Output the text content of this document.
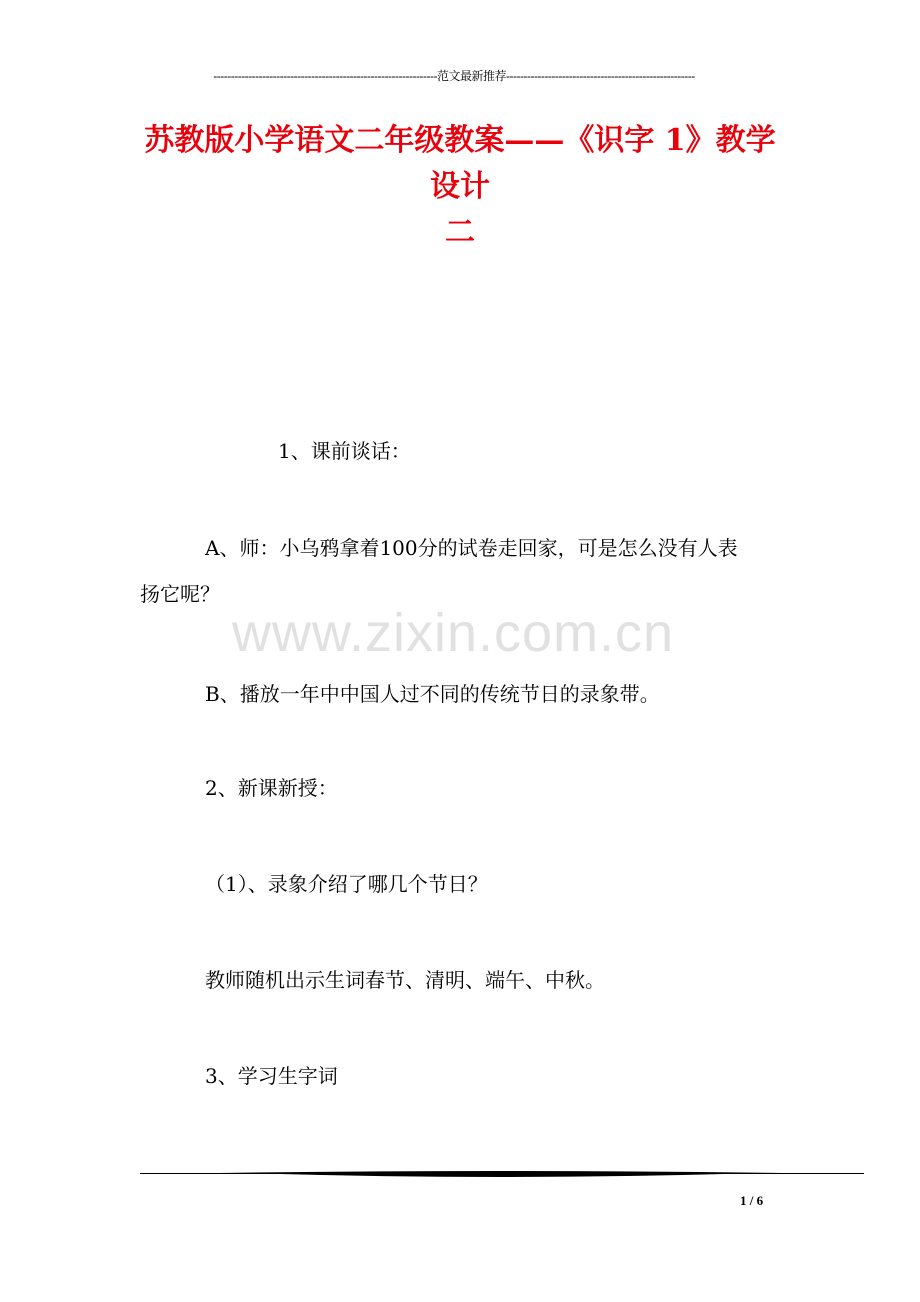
----------------------------------------------------------------范文最新推荐------------------------------------------------------
苏教版小学语文二年级教案——《识字 1》教学设计
二
www.zixin.com.cn
1、课前谈话：
A、师：小乌鸦拿着100分的试卷走回家，可是怎么没有人表
扬它呢？
B、播放一年中中国人过不同的传统节日的录象带。
2、新课新授：
（1）、录象介绍了哪几个节日？
教师随机出示生词春节、清明、端午、中秋。
3、学习生字词
1 / 6
